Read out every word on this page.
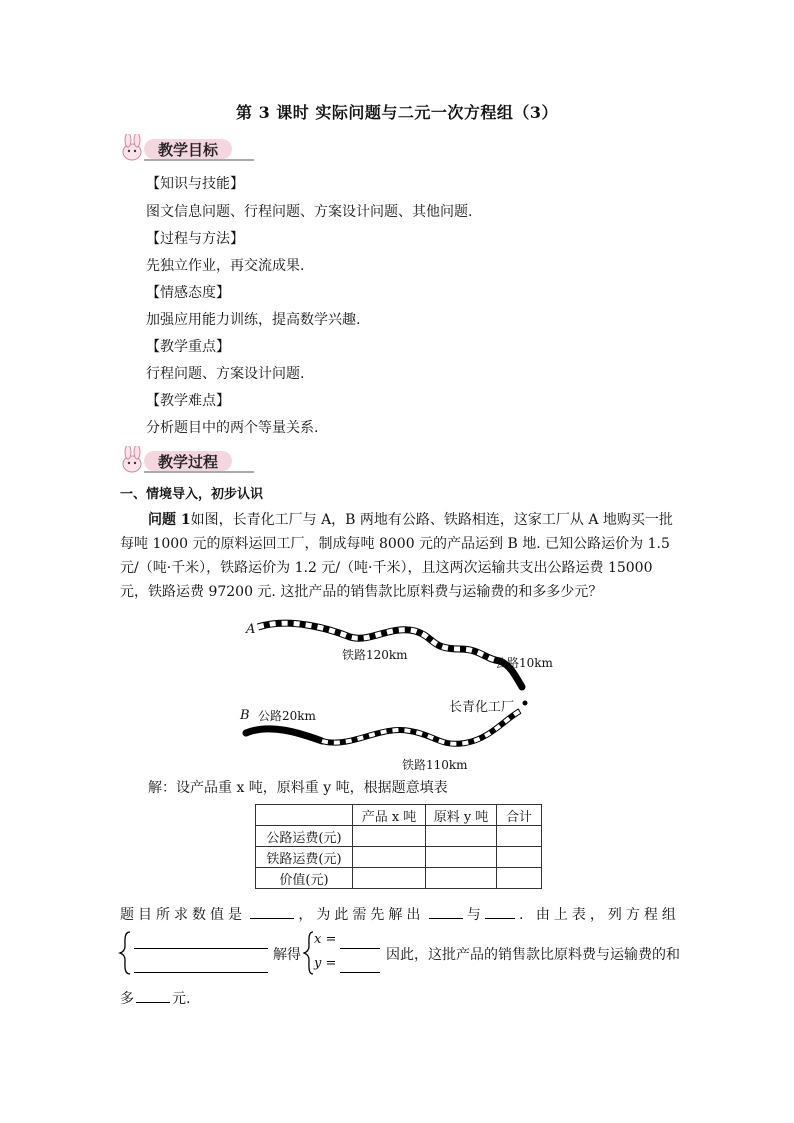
第 3 课时 实际问题与二元一次方程组（3）
教学目标
【知识与技能】
图文信息问题、行程问题、方案设计问题、其他问题.
【过程与方法】
先独立作业，再交流成果.
【情感态度】
加强应用能力训练，提高数学兴趣.
【教学重点】
行程问题、方案设计问题.
【教学难点】
分析题目中的两个等量关系.
教学过程
一、情境导入，初步认识
问题 1如图，长青化工厂与 A，B 两地有公路、铁路相连，这家工厂从 A 地购买一批每吨 1000 元的原料运回工厂，制成每吨 8000 元的产品运到 B 地. 已知公路运价为 1.5 元/（吨·千米），铁路运价为 1.2 元/（吨·千米），且这两次运输共支出公路运费 15000 元，铁路运费 97200 元. 这批产品的销售款比原料费与运输费的和多多少元？
A
铁路120km
公路10km
长青化工厂
B 公路20km
铁路110km
解：设产品重 x 吨，原料重 y 吨，根据题意填表
	产品 x 吨	原料 y 吨	合计
公路运费(元)			
铁路运费(元)			
价值(元)			
题目所求数值是	，为此需先解出	与	. 由上表，列方程组
解得
x =
y =
因此，这批产品的销售款比原料费与运输费的和
多	元.
